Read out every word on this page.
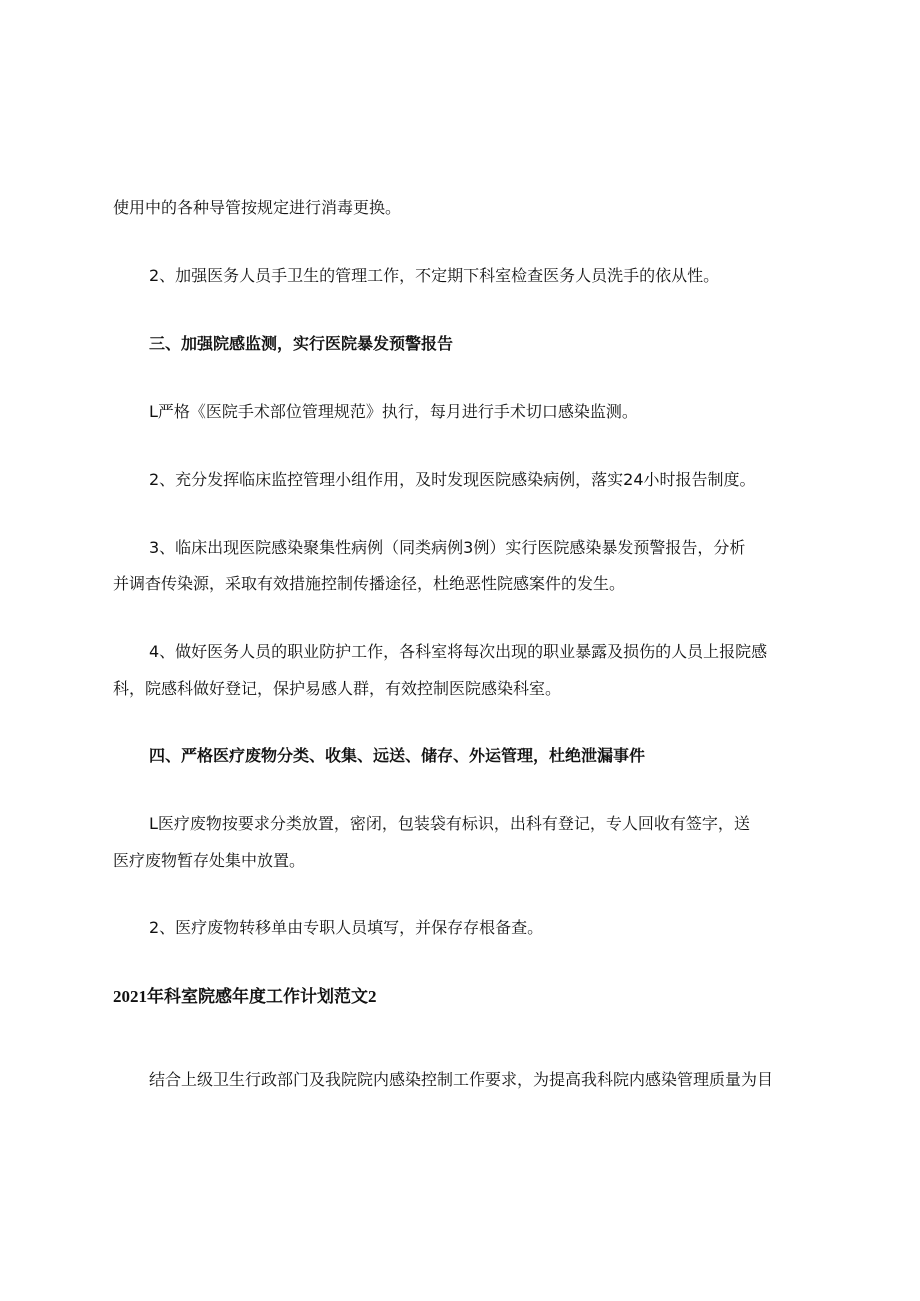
使用中的各种导管按规定进行消毒更换。
2、加强医务人员手卫生的管理工作，不定期下科室检查医务人员洗手的依从性。
三、加强院感监测，实行医院暴发预警报告
L严格《医院手术部位管理规范》执行，每月进行手术切口感染监测。
2、充分发挥临床监控管理小组作用，及时发现医院感染病例，落实24小时报告制度。
3、临床出现医院感染聚集性病例（同类病例3例）实行医院感染暴发预警报告，分析
并调杳传染源，采取有效措施控制传播途径，杜绝恶性院感案件的发生。
4、做好医务人员的职业防护工作，各科室将每次出现的职业暴露及损伤的人员上报院感
科，院感科做好登记，保护易感人群，有效控制医院感染科室。
四、严格医疗废物分类、收集、远送、储存、外运管理，杜绝泄漏事件
L医疗废物按要求分类放置，密闭，包装袋有标识，出科有登记，专人回收有签字，送
医疗废物暂存处集中放置。
2、医疗废物转移单由专职人员填写，并保存存根备查。
2021年科室院感年度工作计划范文2
结合上级卫生行政部门及我院院内感染控制工作要求，为提高我科院内感染管理质量为目
